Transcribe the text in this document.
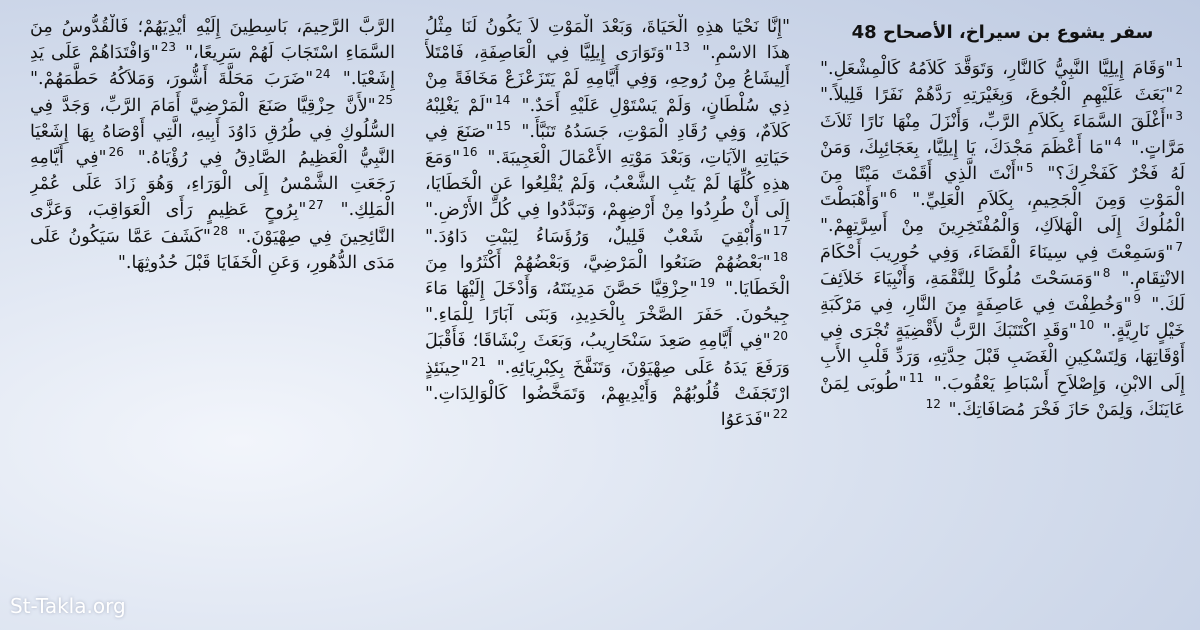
سفر يشوع بن سيراخ، الأصحاح 48
$^1$"وَقَامَ إِيلِيَّا النَّبِيُّ كَالنَّارِ، وَتَوَقَّدَ كَلاَمُهُ كَالْمِشْعَلِ." $^2$"بَعَثَ عَلَيْهِمِ الْجُوعَ، وَبِغَيْرَتِهِ رَدَّهُمْ نَفَرًا قَلِيلاً." $^3$"أَغْلَقَ السَّمَاءَ بِكَلاَمِ الرَّبِّ، وَأَنْزَلَ مِنْهَا نَارًا ثَلاَثَ مَرَّاتٍ." $^4$"مَا أَعْظَمَ مَجْدَكَ، يَا إِيلِيَّا، بِعَجَائِبِكَ، وَمَنْ لَهُ فَخْرٌ كَفَخْرِكَ؟" $^5$"أَنْتَ الَّذِي أَقَمْتَ مَيْتًا مِنَ الْمَوْتِ وَمِنَ الْجَحِيمِ، بِكَلاَمِ الْعَلِيِّ." $^6$"وَأَهْبَطْتَ الْمُلُوكَ إِلَى الْهَلاَكِ، وَالْمُفْتَخِرِينَ مِنْ أَسِرَّتِهِمْ." $^7$"وَسَمِعْتَ فِي سِينَاءَ الْقَضَاءَ، وَفِي حُورِيبَ أَحْكَامَ الانْتِقَامِ." $^8$"وَمَسَحْتَ مُلُوكًا لِلنَّقْمَةِ، وَأَنْبِيَاءَ خَلاَئِفَ لَكَ." $^9$"وَخُطِفْتَ فِي عَاصِفَةٍ مِنَ النَّارِ، فِي مَرْكَبَةِ خَيْلٍ نَارِيَّةٍ." $^{10}$"وَقَدِ اكْتَتَبَكَ الرَّبُّ لأَقْضِيَةٍ تُجْرَى فِي أَوْقَاتِهَا، وَلِتَسْكِينِ الْغَضَبِ قَبْلَ حِدَّتِهِ، وَرَدِّ قَلْبِ الأَبِ إِلَى الابْنِ، وَإِصْلاَحِ أَسْبَاطِ يَعْقُوبَ." $^{11}$"طُوبَى لِمَنْ عَايَنَكَ، وَلِمَنْ حَازَ فَخْرَ مُصَافَاتِكَ." $^{12}$
"إِنَّا نَحْيَا هذِهِ الْحَيَاةَ، وَبَعْدَ الْمَوْتِ لاَ يَكُونُ لَنَا مِثْلُ هذَا الاسْمِ." $^{13}$"وَتَوَارَى إِيلِيَّا فِي الْعَاصِفَةِ، فَامْتَلأَ أَلِيشَاعُ مِنْ رُوحِهِ، وَفِي أَيَّامِهِ لَمْ يَتَزَعْزَعْ مَخَافَةً مِنْ ذِي سُلْطَانٍ، وَلَمْ يَسْتَوْلِ عَلَيْهِ أَحَدٌ." $^{14}$"لَمْ يَغْلِبْهُ كَلاَمٌ، وَفِي رُقَادِ الْمَوْتِ، جَسَدُهُ تَنَبَّأَ." $^{15}$"صَنَعَ فِي حَيَاتِهِ الآيَاتِ، وَبَعْدَ مَوْتِهِ الأَعْمَالَ الْعَجِيبَةَ." $^{16}$"وَمَعَ هذِهِ كُلِّهَا لَمْ يَتُبِ الشَّعْبُ، وَلَمْ يُقْلِعُوا عَنِ الْخَطَايَا، إِلَى أَنْ طُرِدُوا مِنْ أَرْضِهِمْ، وَتَبَدَّدُوا فِي كُلِّ الأَرْضِ." $^{17}$"وَأُبْقِيَ شَعْبٌ قَلِيلٌ، وَرُؤَسَاءُ لِبَيْتِ دَاوُدَ." $^{18}$"بَعْضُهُمْ صَنَعُوا الْمَرْضِيَّ، وَبَعْضُهُمْ أَكْثَرُوا مِنَ الْخَطَايَا." $^{19}$"حِزْقِيَّا حَصَّنَ مَدِينَتَهُ، وَأَدْخَلَ إِلَيْهَا مَاءَ جِيحُونَ. حَفَرَ الصَّخْرَ بِالْحَدِيدِ، وَبَنَى آبَارًا لِلْمَاءِ." $^{20}$"فِي أَيَّامِهِ صَعِدَ سَنْحَارِيبُ، وَبَعَثَ رِبْشَاقَا؛ فَأَقْبَلَ وَرَفَعَ يَدَهُ عَلَى صِهْيَوْنَ، وَتَنَفَّخَ بِكِبْرِيَائِهِ." $^{21}$"حِينَئِذٍ ارْتَجَفَتْ قُلُوبُهُمْ وَأَيْدِيهِمْ، وَتَمَخَّضُوا كَالْوَالِدَاتِ." $^{22}$"فَدَعَوُا
الرَّبَّ الرَّحِيمَ، بَاسِطِينَ إِلَيْهِ أَيْدِيَهُمْ؛ فَالْقُدُّوسُ مِنَ السَّمَاءِ اسْتَجَابَ لَهُمْ سَرِيعًا،" $^{23}$"وَافْتَدَاهُمْ عَلَى يَدِ إِشَعْيَا." $^{24}$"ضَرَبَ مَحَلَّةَ أَشُّورَ، وَمَلاَكُهُ حَطَّمَهُمْ." $^{25}$"لأَنَّ حِزْقِيَّا صَنَعَ الْمَرْضِيَّ أَمَامَ الرَّبِّ، وَجَدَّ فِي السُّلُوكِ فِي طُرُقِ دَاوُدَ أَبِيهِ، الَّتِي أَوْصَاهُ بِهَا إِشَعْيَا النَّبِيُّ الْعَظِيمُ الصَّادِقُ فِي رُؤْيَاهُ." $^{26}$"فِي أَيَّامِهِ رَجَعَتِ الشَّمْسُ إِلَى الْوَرَاءِ، وَهُوَ زَادَ عَلَى عُمْرِ الْمَلِكِ." $^{27}$"بِرُوحٍ عَظِيمٍ رَأَى الْعَوَاقِبَ، وَعَزَّى النَّائِحِينَ فِي صِهْيَوْنَ." $^{28}$"كَشَفَ عَمَّا سَيَكُونُ عَلَى مَدَى الدُّهُورِ، وَعَنِ الْخَفَايَا قَبْلَ حُدُوثِهَا."
St-Takla.org
